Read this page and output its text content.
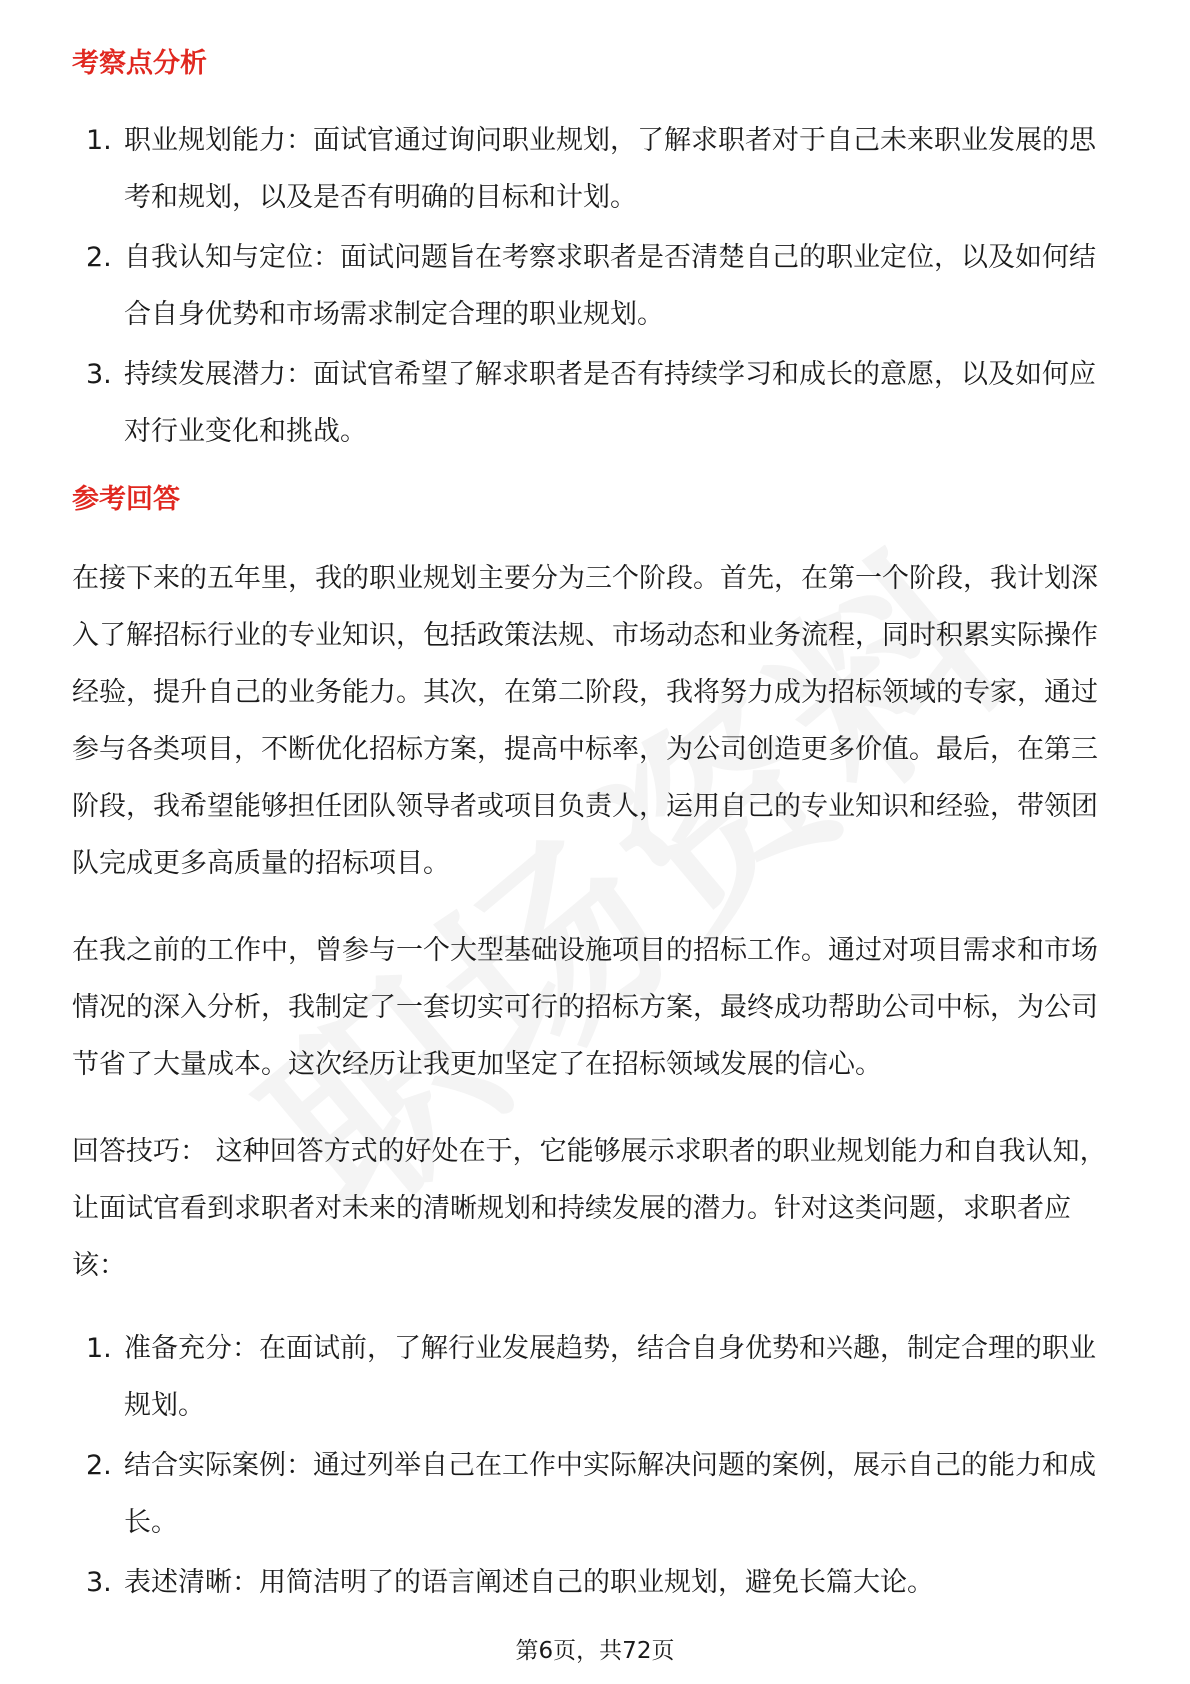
考察点分析
1. 职业规划能力：面试官通过询问职业规划，了解求职者对于自己未来职业发展的思考和规划，以及是否有明确的目标和计划。
2. 自我认知与定位：面试问题旨在考察求职者是否清楚自己的职业定位，以及如何结合自身优势和市场需求制定合理的职业规划。
3. 持续发展潜力：面试官希望了解求职者是否有持续学习和成长的意愿，以及如何应对行业变化和挑战。
参考回答

在接下来的五年里，我的职业规划主要分为三个阶段。首先，在第一个阶段，我计划深入了解招标行业的专业知识，包括政策法规、市场动态和业务流程，同时积累实际操作经验，提升自己的业务能力。其次，在第二阶段，我将努力成为招标领域的专家，通过参与各类项目，不断优化招标方案，提高中标率，为公司创造更多价值。最后，在第三阶段，我希望能够担任团队领导者或项目负责人，运用自己的专业知识和经验，带领团队完成更多高质量的招标项目。

在我之前的工作中，曾参与一个大型基础设施项目的招标工作。通过对项目需求和市场情况的深入分析，我制定了一套切实可行的招标方案，最终成功帮助公司中标，为公司节省了大量成本。这次经历让我更加坚定了在招标领域发展的信心。

回答技巧： 这种回答方式的好处在于，它能够展示求职者的职业规划能力和自我认知，让面试官看到求职者对未来的清晰规划和持续发展的潜力。针对这类问题，求职者应该：

1. 准备充分：在面试前，了解行业发展趋势，结合自身优势和兴趣，制定合理的职业规划。
2. 结合实际案例：通过列举自己在工作中实际解决问题的案例，展示自己的能力和成长。
3. 表述清晰：用简洁明了的语言阐述自己的职业规划，避免长篇大论。
第6页，共72页
